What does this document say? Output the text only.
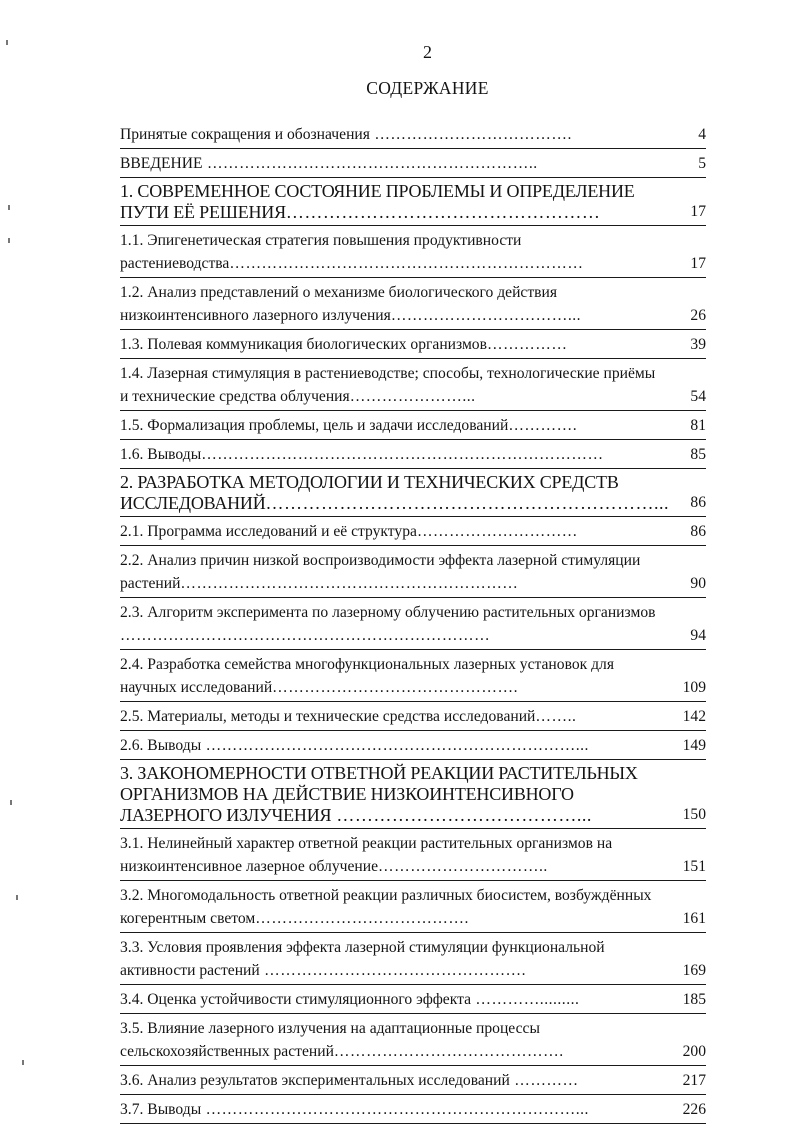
2
СОДЕРЖАНИЕ
Принятые сокращения и обозначения ……………………………….	4
ВВЕДЕНИЕ ……………………………………………………..	5
1. СОВРЕМЕННОЕ СОСТОЯНИЕ ПРОБЛЕМЫ И ОПРЕДЕЛЕНИЕ ПУТИ ЕЁ РЕШЕНИЯ……………………………………………	17
1.1. Эпигенетическая стратегия повышения продуктивности растениеводства…………………………………………………………	17
1.2. Анализ представлений о механизме биологического действия низкоинтенсивного лазерного излучения……………………………...	26
1.3. Полевая коммуникация биологических организмов……………	39
1.4. Лазерная стимуляция в растениеводстве; способы, технологические приёмы и технические средства облучения…………………...	54
1.5. Формализация проблемы, цель и задачи исследований………….	81
1.6. Выводы…………………………………………………………………	85
2. РАЗРАБОТКА МЕТОДОЛОГИИ И ТЕХНИЧЕСКИХ СРЕДСТВ ИССЛЕДОВАНИЙ………………………………………………………... 86
2.1. Программа исследований и её структура…………………………	86
2.2. Анализ причин низкой воспроизводимости эффекта лазерной стимуляции растений………………………………………………………	90
2.3. Алгоритм эксперимента по лазерному облучению растительных организмов ……………………………………………………………	94
2.4. Разработка семейства многофункциональных лазерных установок для научных исследований……………………………………….	109
2.5. Материалы, методы и технические средства исследований……..	142
2.6. Выводы ……………………………………………………………...	149
3. ЗАКОНОМЕРНОСТИ ОТВЕТНОЙ РЕАКЦИИ РАСТИТЕЛЬНЫХ ОРГАНИЗМОВ НА ДЕЙСТВИЕ НИЗКОИНТЕНСИВНОГО ЛАЗЕРНОГО ИЗЛУЧЕНИЯ …………………………………...	150
3.1. Нелинейный характер ответной реакции растительных организмов на низкоинтенсивное лазерное облучение…………………………..	151
3.2. Многомодальность ответной реакции различных биосистем, возбуждённых когерентным светом………………………………….	161
3.3. Условия проявления эффекта лазерной стимуляции функциональной активности растений ………………………………………….	169
3.4. Оценка устойчивости стимуляционного эффекта ………….........	185
3.5. Влияние лазерного излучения на адаптационные процессы сельскохозяйственных растений…………………………………….	200
3.6. Анализ результатов экспериментальных исследований …………	217
3.7. Выводы ……………………………………………………………...	226
